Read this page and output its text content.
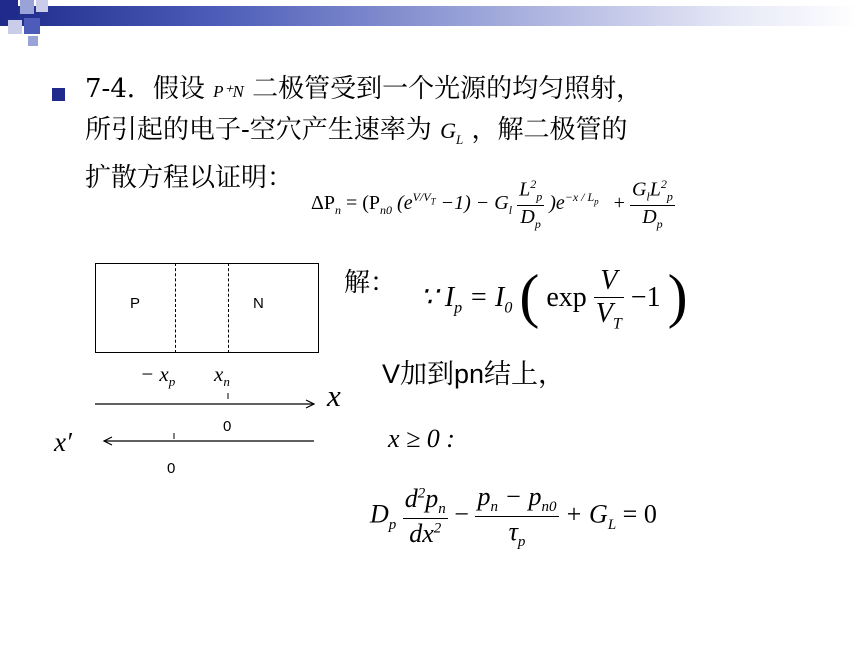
7-4．假设 P⁺N 二极管受到一个光源的均匀照射，
所引起的电子-空穴产生速率为 $G_L$ ，解二极管的
扩散方程以证明：
$\Delta P_n = (P_{n0}$ $(e^{V/V_T} -1) - G_l \frac{L^2_p}{D_p} )e^{-x / L_p} + \frac{G_lL^2_p}{D_p}$
P	N
− $x_p$ $x_n$	x
x′
0
0
解： ∵ $I_p = I_0$ ( $\exp \frac{V}{V_T} -1$ )
V加到pn结上，
x ≥ 0 :
$D_p \frac{d^2p_n}{dx^2} - \frac{p_n - p_{n0}}{\tau_p} + G_L = 0$
